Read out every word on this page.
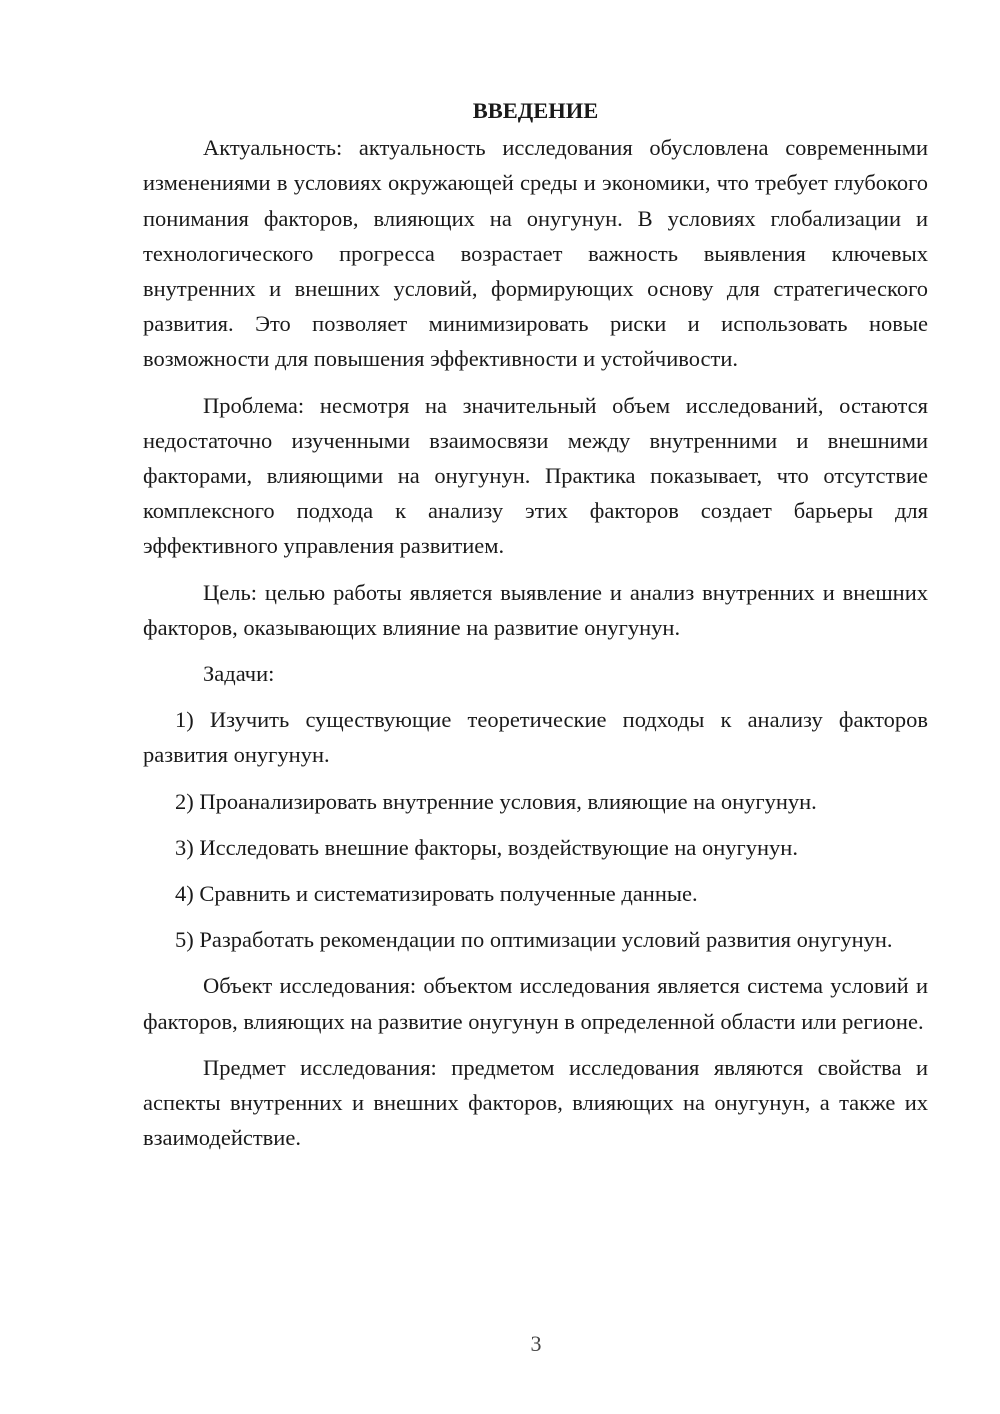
ВВЕДЕНИЕ

Актуальность: актуальность исследования обусловлена современными изменениями в условиях окружающей среды и экономики, что требует глубокого понимания факторов, влияющих на онугунун. В условиях глобализации и технологического прогресса возрастает важность выявления ключевых внутренних и внешних условий, формирующих основу для стратегического развития. Это позволяет минимизировать риски и использовать новые возможности для повышения эффективности и устойчивости.

Проблема: несмотря на значительный объем исследований, остаются недостаточно изученными взаимосвязи между внутренними и внешними факторами, влияющими на онугунун. Практика показывает, что отсутствие комплексного подхода к анализу этих факторов создает барьеры для эффективного управления развитием.

Цель: целью работы является выявление и анализ внутренних и внешних факторов, оказывающих влияние на развитие онугунун.

Задачи:

1) Изучить существующие теоретические подходы к анализу факторов развития онугунун.

2) Проанализировать внутренние условия, влияющие на онугунун.

3) Исследовать внешние факторы, воздействующие на онугунун.

4) Сравнить и систематизировать полученные данные.

5) Разработать рекомендации по оптимизации условий развития онугунун.

Объект исследования: объектом исследования является система условий и факторов, влияющих на развитие онугунун в определенной области или регионе.

Предмет исследования: предметом исследования являются свойства и аспекты внутренних и внешних факторов, влияющих на онугунун, а также их взаимодействие.

3
